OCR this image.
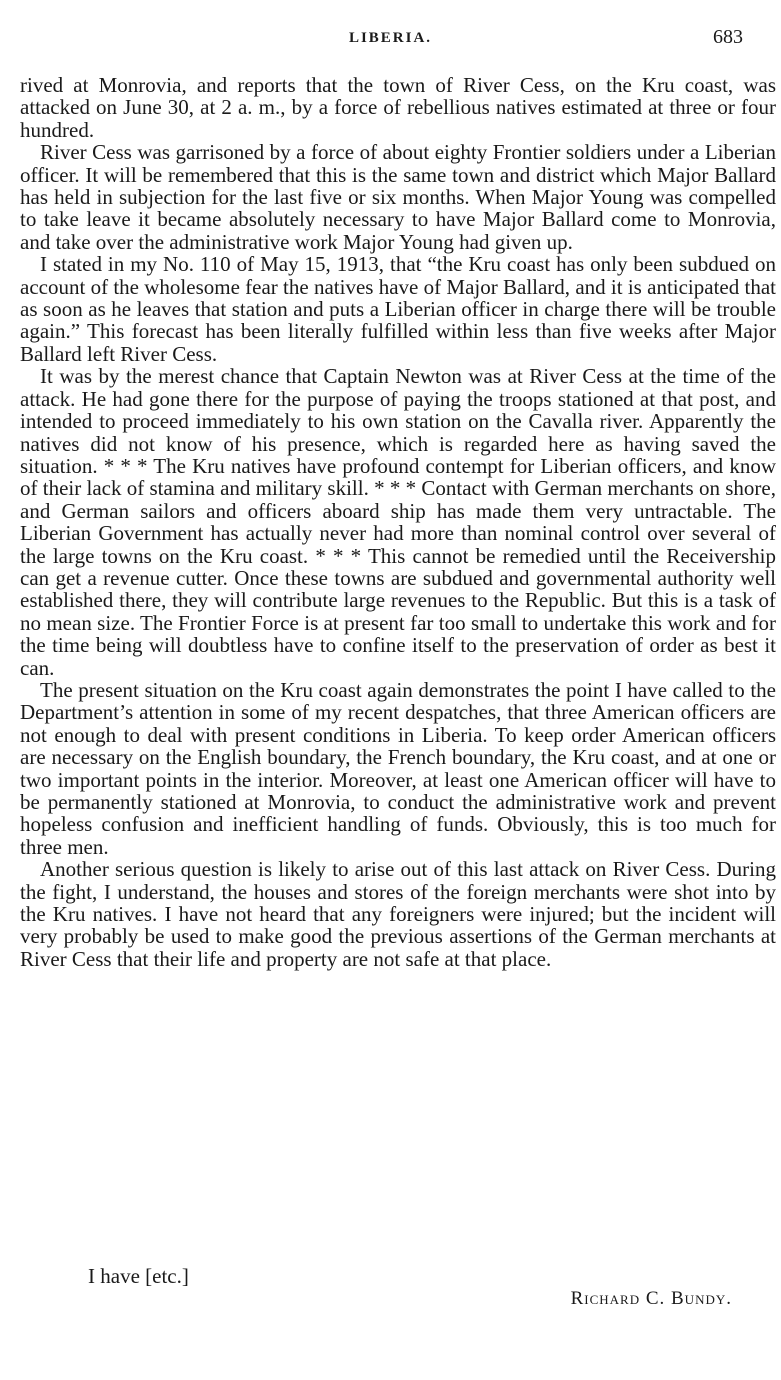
LIBERIA.	683

rived at Monrovia, and reports that the town of River Cess, on the Kru coast, was attacked on June 30, at 2 a. m., by a force of rebellious natives estimated at three or four hundred.

River Cess was garrisoned by a force of about eighty Frontier soldiers under a Liberian officer. It will be remembered that this is the same town and district which Major Ballard has held in subjection for the last five or six months. When Major Young was compelled to take leave it became absolutely necessary to have Major Ballard come to Monrovia, and take over the administrative work Major Young had given up.

I stated in my No. 110 of May 15, 1913, that “the Kru coast has only been subdued on account of the wholesome fear the natives have of Major Ballard, and it is anticipated that as soon as he leaves that station and puts a Liberian officer in charge there will be trouble again.” This forecast has been literally fulfilled within less than five weeks after Major Ballard left River Cess.

It was by the merest chance that Captain Newton was at River Cess at the time of the attack. He had gone there for the purpose of paying the troops stationed at that post, and intended to proceed immediately to his own station on the Cavalla river. Apparently the natives did not know of his presence, which is regarded here as having saved the situation. * * * The Kru natives have profound contempt for Liberian officers, and know of their lack of stamina and military skill. * * * Contact with German merchants on shore, and German sailors and officers aboard ship has made them very untractable. The Liberian Government has actually never had more than nominal control over several of the large towns on the Kru coast. * * * This cannot be remedied until the Receivership can get a revenue cutter. Once these towns are subdued and governmental authority well established there, they will contribute large revenues to the Republic. But this is a task of no mean size. The Frontier Force is at present far too small to undertake this work and for the time being will doubtless have to confine itself to the preservation of order as best it can.

The present situation on the Kru coast again demonstrates the point I have called to the Department’s attention in some of my recent despatches, that three American officers are not enough to deal with present conditions in Liberia. To keep order American officers are necessary on the English boundary, the French boundary, the Kru coast, and at one or two important points in the interior. Moreover, at least one American officer will have to be permanently stationed at Monrovia, to conduct the administrative work and prevent hopeless confusion and inefficient handling of funds. Obviously, this is too much for three men.

Another serious question is likely to arise out of this last attack on River Cess. During the fight, I understand, the houses and stores of the foreign merchants were shot into by the Kru natives. I have not heard that any foreigners were injured; but the incident will very probably be used to make good the previous assertions of the German merchants at River Cess that their life and property are not safe at that place.

I have [etc.]
Richard C. Bundy.
